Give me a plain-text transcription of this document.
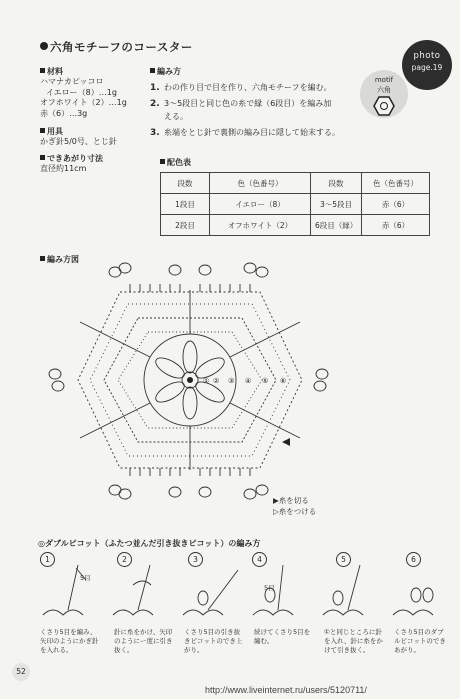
六角モチーフのコースター
photo
page.19
motif
六角
材料
ハマナカピッコロ
イエロー（8）…1g
オフホワイト（2）…1g
赤（6）…3g
用具
かぎ針5/0号、とじ針
できあがり寸法
直径約11cm
編み方
1. わの作り目で目を作り、六角モチーフを編む。
2. 3〜5段目と同じ色の糸で縁（6段目）を編み加
える。
3. 糸端をとじ針で裏側の編み目に隠して始末する。
配色表
段数	色（色番号）	段数	色（色番号）
1段目	イエロー（8）	3〜5段目	赤（6）
2段目	オフホワイト（2）	6段目（縁）	赤（6）
編み方図
① ② ③ ④ ⑤ ⑥
▶糸を切る
▷糸をつける
◎ダブルピコット（ふたつ並んだ引き抜きピコット）の編み方
1	2	3	4	5	6
5目
5目
くさり5目を編み、矢印のようにかぎ針を入れる。
針に糸をかけ、矢印のようにー度に引き抜く。
くさり5目の引き抜きピコットのでき上がり。
続けてくさり5目を編む。
①と同じところに針を入れ、針に糸をかけて引き抜く。
くさり5目のダブルピコットのできあがり。
52
http://www.liveinternet.ru/users/5120711/
